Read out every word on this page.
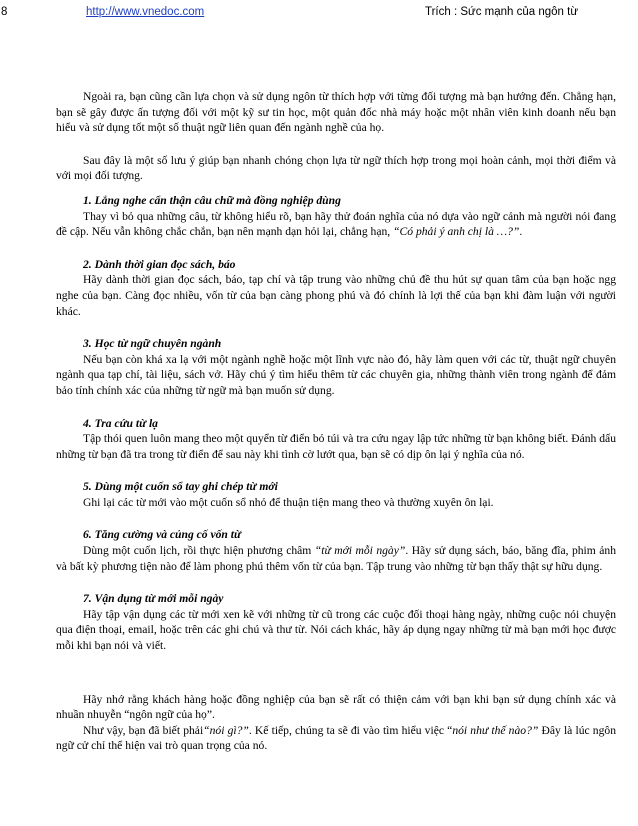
8	http://www.vnedoc.com	Trích : Sức mạnh của ngôn từ

Ngoài ra, bạn cũng cần lựa chọn và sử dụng ngôn từ thích hợp với từng đối tượng mà bạn hướng đến. Chẳng hạn, bạn sẽ gây được ấn tượng đối với một kỹ sư tin học, một quản đốc nhà máy hoặc một nhân viên kinh doanh nếu bạn hiểu và sử dụng tốt một số thuật ngữ liên quan đến ngành nghề của họ.

Sau đây là một số lưu ý giúp bạn nhanh chóng chọn lựa từ ngữ thích hợp trong mọi hoàn cảnh, mọi thời điểm và với mọi đối tượng.

1. Lắng nghe cẩn thận câu chữ mà đồng nghiệp dùng

Thay vì bỏ qua những câu, từ không hiểu rõ, bạn hãy thử đoán nghĩa của nó dựa vào ngữ cảnh mà người nói đang đề cập. Nếu vẫn không chắc chắn, bạn nên mạnh dạn hỏi lại, chẳng hạn, “Có phải ý anh chị là …?”.

2. Dành thời gian đọc sách, báo

Hãy dành thời gian đọc sách, báo, tạp chí và tập trung vào những chủ đề thu hút sự quan tâm của bạn hoặc ngg nghe của bạn. Càng đọc nhiều, vốn từ của bạn càng phong phú và đó chính là lợi thế của bạn khi đàm luận với người khác.

3. Học từ ngữ chuyên ngành

Nếu bạn còn khá xa lạ với một ngành nghề hoặc một lĩnh vực nào đó, hãy làm quen với các từ, thuật ngữ chuyên ngành qua tạp chí, tài liệu, sách vở. Hãy chú ý tìm hiểu thêm từ các chuyên gia, những thành viên trong ngành để đảm bảo tính chính xác của những từ ngữ mà bạn muốn sử dụng.

4. Tra cứu từ lạ

Tập thói quen luôn mang theo một quyển từ điển bỏ túi và tra cứu ngay lập tức những từ bạn không biết. Đánh dấu những từ bạn đã tra trong từ điển để sau này khi tình cờ lướt qua, bạn sẽ có dịp ôn lại ý nghĩa của nó.

5. Dùng một cuốn sổ tay ghi chép từ mới

Ghi lại các từ mới vào một cuốn sổ nhỏ để thuận tiện mang theo và thường xuyên ôn lại.

6. Tăng cường và củng cố vốn từ

Dùng một cuốn lịch, rồi thực hiện phương châm “từ mới mỗi ngày”. Hãy sử dụng sách, báo, băng đĩa, phim ảnh và bất kỳ phương tiện nào để làm phong phú thêm vốn từ của bạn. Tập trung vào những từ bạn thấy thật sự hữu dụng.

7. Vận dụng từ mới mỗi ngày

Hãy tập vận dụng các từ mới xen kẽ với những từ cũ trong các cuộc đối thoại hàng ngày, những cuộc nói chuyện qua điện thoại, email, hoặc trên các ghi chú và thư từ. Nói cách khác, hãy áp dụng ngay những từ mà bạn mới học được mỗi khi bạn nói và viết.

Hãy nhớ rằng khách hàng hoặc đồng nghiệp của bạn sẽ rất có thiện cảm với bạn khi bạn sử dụng chính xác và nhuần nhuyễn “ngôn ngữ của họ”.

Như vậy, bạn đã biết phải“nói gì?”. Kế tiếp, chúng ta sẽ đi vào tìm hiểu việc “nói như thế nào?” Đây là lúc ngôn ngữ cử chỉ thể hiện vai trò quan trọng của nó.
